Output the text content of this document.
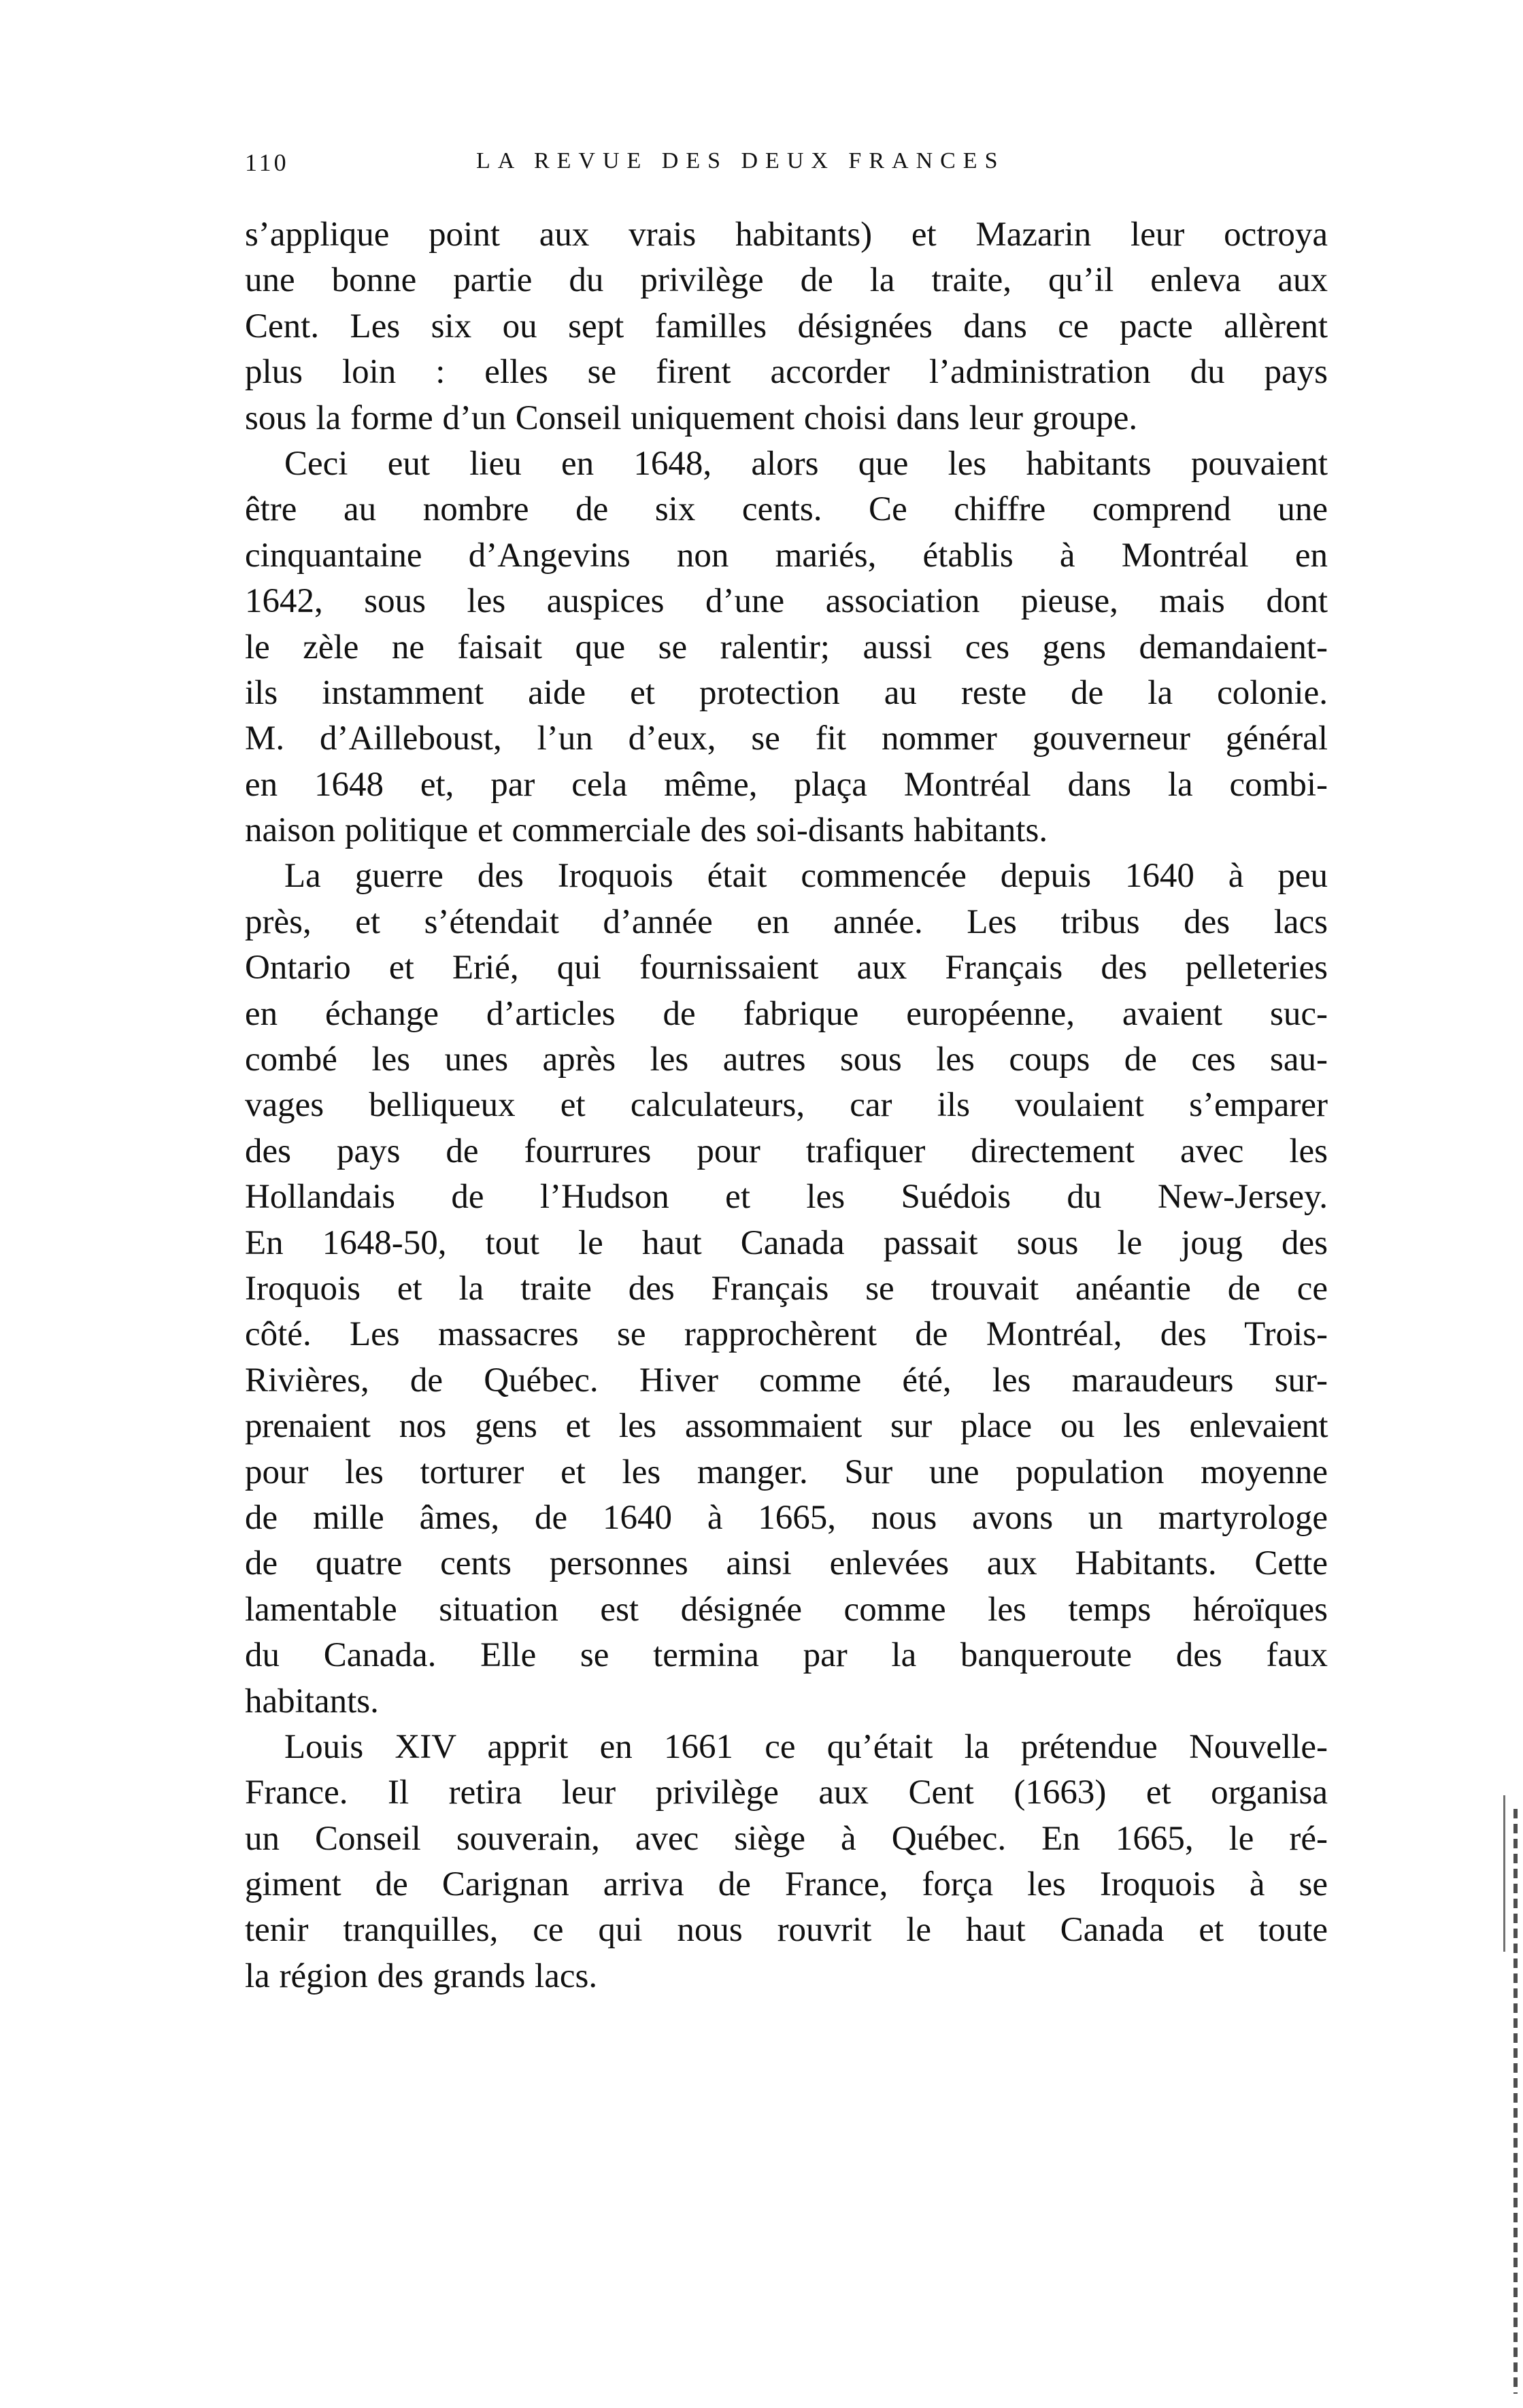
110	LA REVUE DES DEUX FRANCES
s’applique point aux vrais habitants) et Mazarin leur octroya
une bonne partie du privilège de la traite, qu’il enleva aux
Cent. Les six ou sept familles désignées dans ce pacte allèrent
plus loin : elles se firent accorder l’administration du pays
sous la forme d’un Conseil uniquement choisi dans leur groupe.
Ceci eut lieu en 1648, alors que les habitants pouvaient
être au nombre de six cents. Ce chiffre comprend une
cinquantaine d’Angevins non mariés, établis à Montréal en
1642, sous les auspices d’une association pieuse, mais dont
le zèle ne faisait que se ralentir; aussi ces gens demandaient-
ils instamment aide et protection au reste de la colonie.
M. d’Ailleboust, l’un d’eux, se fit nommer gouverneur général
en 1648 et, par cela même, plaça Montréal dans la combi-
naison politique et commerciale des soi-disants habitants.
La guerre des Iroquois était commencée depuis 1640 à peu
près, et s’étendait d’année en année. Les tribus des lacs
Ontario et Erié, qui fournissaient aux Français des pelleteries
en échange d’articles de fabrique européenne, avaient suc-
combé les unes après les autres sous les coups de ces sau-
vages belliqueux et calculateurs, car ils voulaient s’emparer
des pays de fourrures pour trafiquer directement avec les
Hollandais de l’Hudson et les Suédois du New-Jersey.
En 1648-50, tout le haut Canada passait sous le joug des
Iroquois et la traite des Français se trouvait anéantie de ce
côté. Les massacres se rapprochèrent de Montréal, des Trois-
Rivières, de Québec. Hiver comme été, les maraudeurs sur-
prenaient nos gens et les assommaient sur place ou les enlevaient
pour les torturer et les manger. Sur une population moyenne
de mille âmes, de 1640 à 1665, nous avons un martyrologe
de quatre cents personnes ainsi enlevées aux Habitants. Cette
lamentable situation est désignée comme les temps héroïques
du Canada. Elle se termina par la banqueroute des faux
habitants.
Louis XIV apprit en 1661 ce qu’était la prétendue Nouvelle-
France. Il retira leur privilège aux Cent (1663) et organisa
un Conseil souverain, avec siège à Québec. En 1665, le ré-
giment de Carignan arriva de France, força les Iroquois à se
tenir tranquilles, ce qui nous rouvrit le haut Canada et toute
la région des grands lacs.
